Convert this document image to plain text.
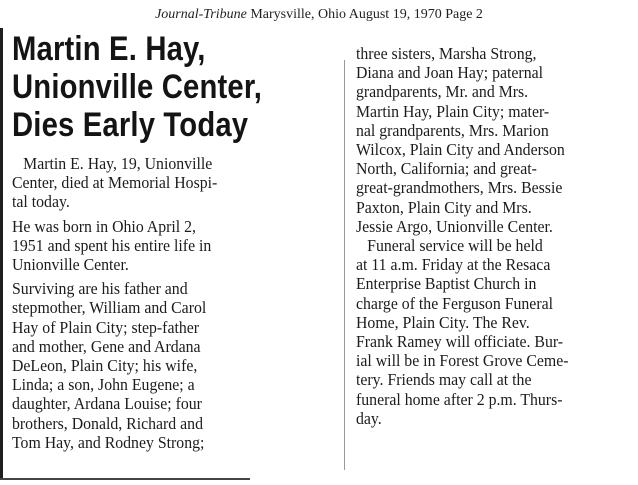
Journal-Tribune Marysville, Ohio August 19, 1970 Page 2
Martin E. Hay,
Unionville Center,
Dies Early Today
Martin E. Hay, 19, Unionville
Center, died at Memorial Hospi-
tal today.
He was born in Ohio April 2,
1951 and spent his entire life in
Unionville Center.
Surviving are his father and
stepmother, William and Carol
Hay of Plain City; step-father
and mother, Gene and Ardana
DeLeon, Plain City; his wife,
Linda; a son, John Eugene; a
daughter, Ardana Louise; four
brothers, Donald, Richard and
Tom Hay, and Rodney Strong;
three sisters, Marsha Strong,
Diana and Joan Hay; paternal
grandparents, Mr. and Mrs.
Martin Hay, Plain City; mater-
nal grandparents, Mrs. Marion
Wilcox, Plain City and Anderson
North, California; and great-
great-grandmothers, Mrs. Bessie
Paxton, Plain City and Mrs.
Jessie Argo, Unionville Center.
Funeral service will be held
at 11 a.m. Friday at the Resaca
Enterprise Baptist Church in
charge of the Ferguson Funeral
Home, Plain City. The Rev.
Frank Ramey will officiate. Bur-
ial will be in Forest Grove Ceme-
tery. Friends may call at the
funeral home after 2 p.m. Thurs-
day.
